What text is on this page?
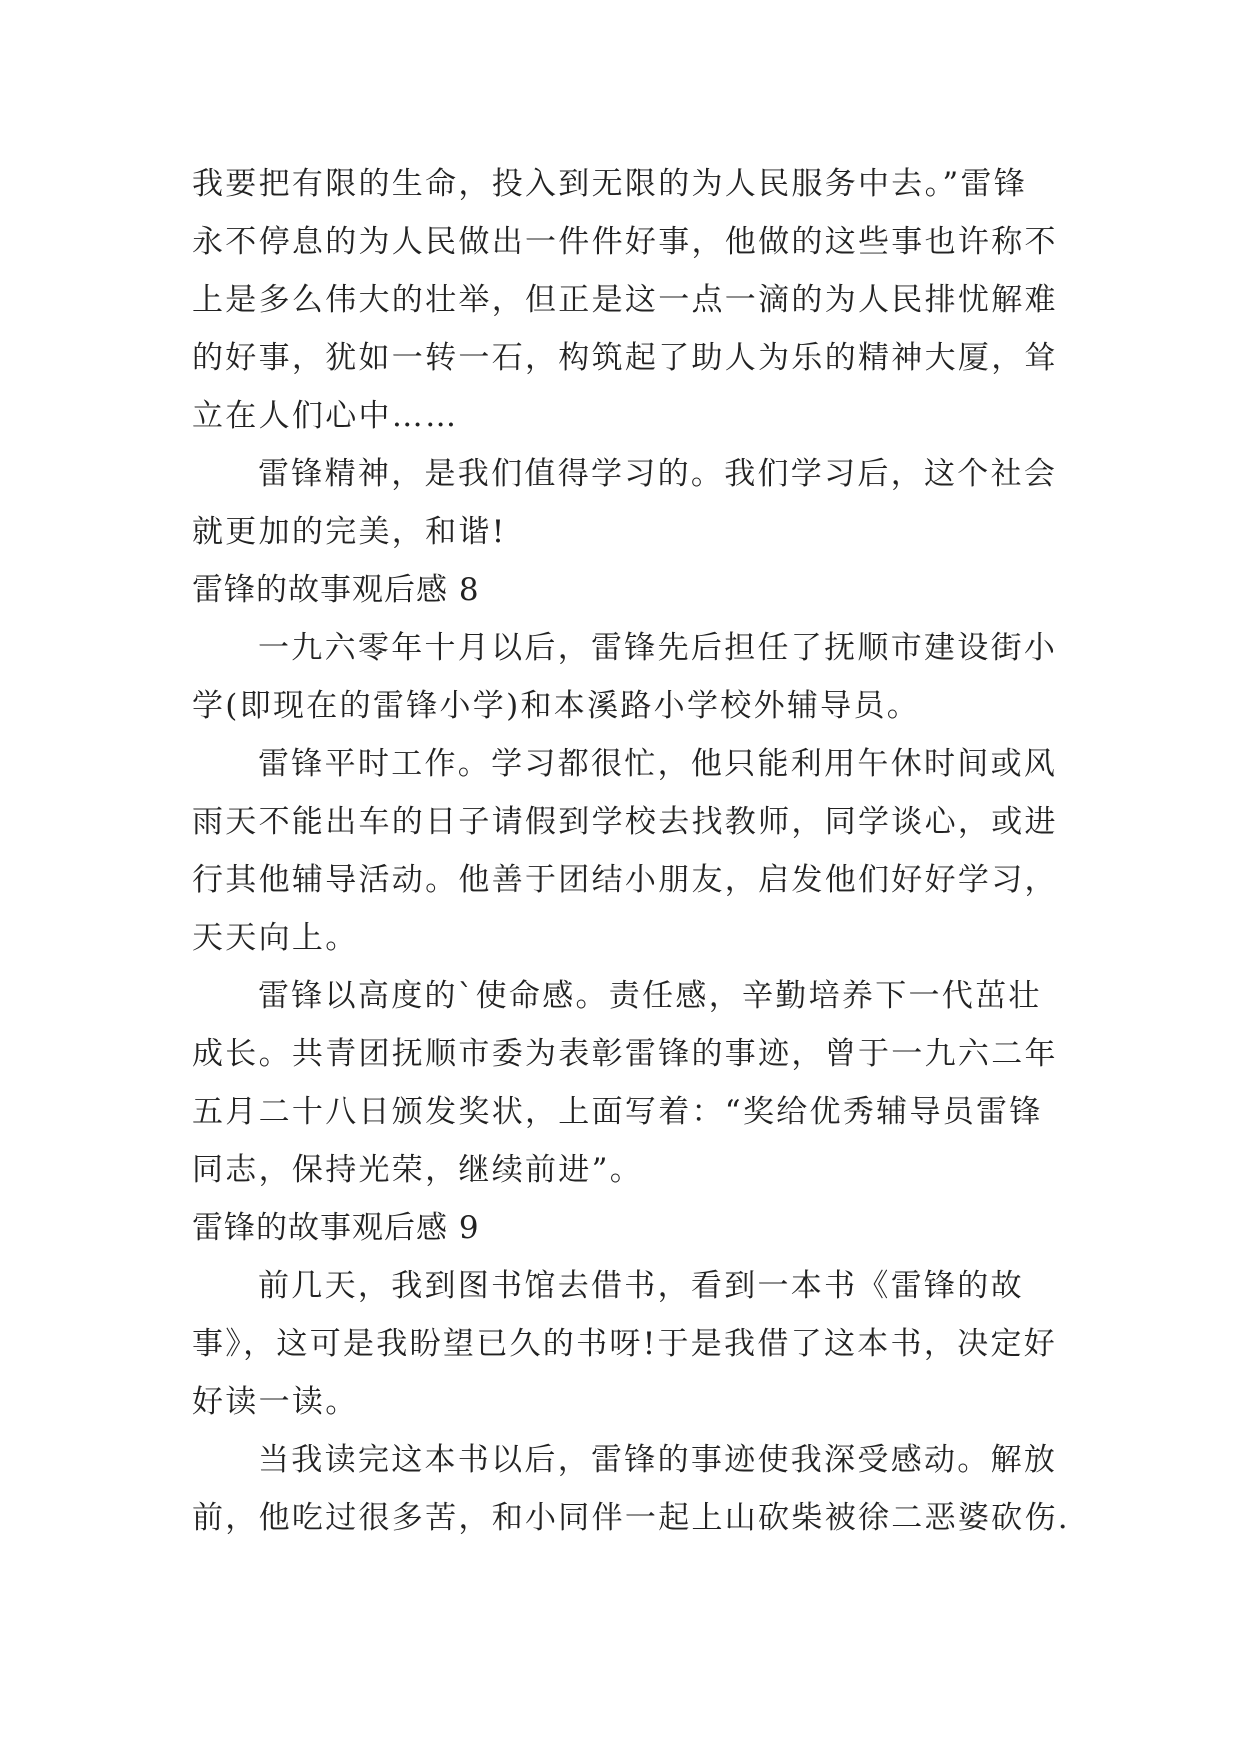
我要把有限的生命，投入到无限的为人民服务中去。”雷锋
永不停息的为人民做出一件件好事，他做的这些事也许称不
上是多么伟大的壮举，但正是这一点一滴的为人民排忧解难
的好事，犹如一转一石，构筑起了助人为乐的精神大厦，耸
立在人们心中……
雷锋精神，是我们值得学习的。我们学习后，这个社会
就更加的完美，和谐!
雷锋的故事观后感 8
一九六零年十月以后，雷锋先后担任了抚顺市建设街小
学(即现在的雷锋小学)和本溪路小学校外辅导员。
雷锋平时工作。学习都很忙，他只能利用午休时间或风
雨天不能出车的日子请假到学校去找教师，同学谈心，或进
行其他辅导活动。他善于团结小朋友，启发他们好好学习，
天天向上。
雷锋以高度的`使命感。责任感，辛勤培养下一代茁壮
成长。共青团抚顺市委为表彰雷锋的事迹，曾于一九六二年
五月二十八日颁发奖状，上面写着：“奖给优秀辅导员雷锋
同志，保持光荣，继续前进”。
雷锋的故事观后感 9
前几天，我到图书馆去借书，看到一本书《雷锋的故
事》，这可是我盼望已久的书呀!于是我借了这本书，决定好
好读一读。
当我读完这本书以后，雷锋的事迹使我深受感动。解放
前，他吃过很多苦，和小同伴一起上山砍柴被徐二恶婆砍伤.
